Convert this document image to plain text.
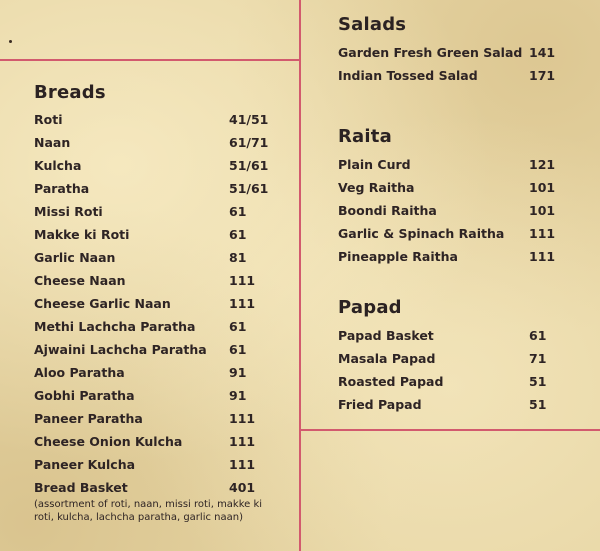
Breads
Roti	41/51
Naan	61/71
Kulcha	51/61
Paratha	51/61
Missi Roti	61
Makke ki Roti	61
Garlic Naan	81
Cheese Naan	111
Cheese Garlic Naan	111
Methi Lachcha Paratha	61
Ajwaini Lachcha Paratha 61
Aloo Paratha	91
Gobhi Paratha	91
Paneer Paratha	111
Cheese Onion Kulcha	111
Paneer Kulcha	111
Bread Basket	401
(assortment of roti, naan, missi roti, makke ki roti, kulcha, lachcha paratha, garlic naan)
Salads
Garden Fresh Green Salad 141
Indian Tossed Salad	171
Raita
Plain Curd	121
Veg Raitha	101
Boondi Raitha	101
Garlic & Spinach Raitha 111
Pineapple Raitha	111
Papad
Papad Basket	61
Masala Papad	71
Roasted Papad	51
Fried Papad	51
